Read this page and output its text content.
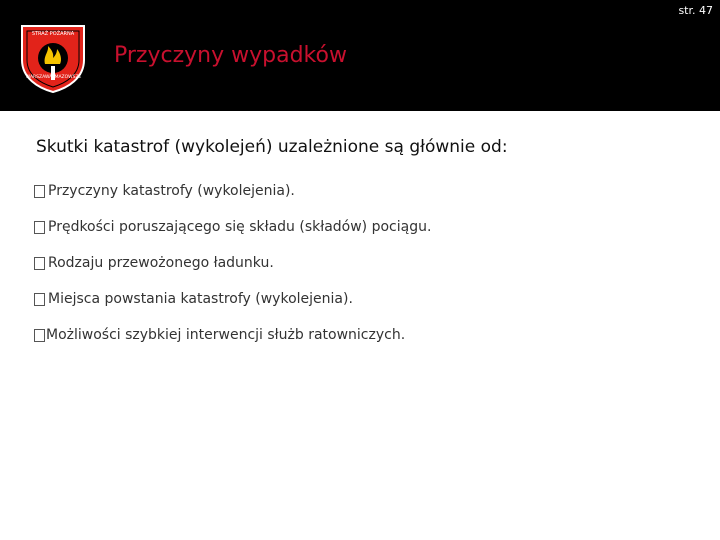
str. 47
STRAŻ POŻARNA
WARSZAWA MAZOWSZE
Przyczyny wypadków
Skutki katastrof (wykolejeń) uzależnione są głównie od:
Przyczyny katastrofy (wykolejenia).
Prędkości poruszającego się składu (składów) pociągu.
Rodzaju przewożonego ładunku.
Miejsca powstania katastrofy (wykolejenia).
Możliwości szybkiej interwencji służb ratowniczych.
